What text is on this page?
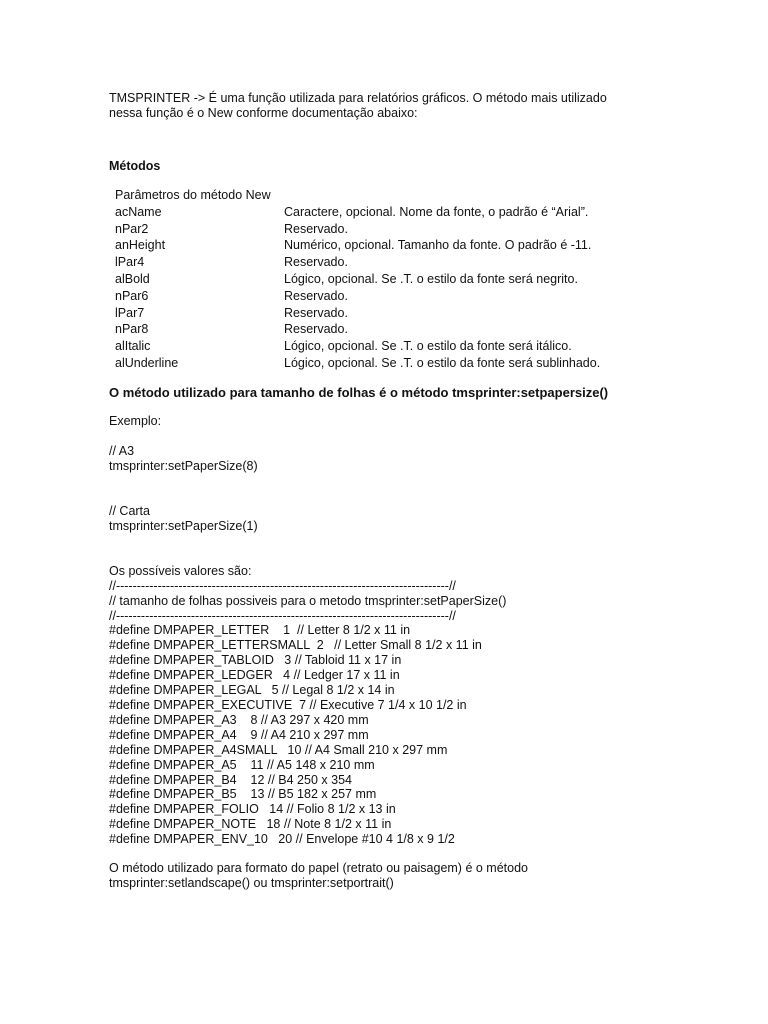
TMSPRINTER -> É uma função utilizada para relatórios gráficos. O método mais utilizado

nessa função é o New conforme documentação abaixo:

Métodos
Parâmetros do método New
acName	Caractere, opcional. Nome da fonte, o padrão é “Arial”.
nPar2	Reservado.
anHeight	Numérico, opcional. Tamanho da fonte. O padrão é -11.
lPar4	Reservado.
alBold	Lógico, opcional. Se .T. o estilo da fonte será negrito.
nPar6	Reservado.
lPar7	Reservado.
nPar8	Reservado.
alItalic	Lógico, opcional. Se .T. o estilo da fonte será itálico.
alUnderline	Lógico, opcional. Se .T. o estilo da fonte será sublinhado.
O método utilizado para tamanho de folhas é o método tmsprinter:setpapersize()

Exemplo:

// A3

tmsprinter:setPaperSize(8)

// Carta

tmsprinter:setPaperSize(1)

Os possíveis valores são:

//--------------------------------------------------------------------------------//
// tamanho de folhas possiveis para o metodo tmsprinter:setPaperSize()
//--------------------------------------------------------------------------------//
#define DMPAPER_LETTER    1  // Letter 8 1/2 x 11 in
#define DMPAPER_LETTERSMALL  2   // Letter Small 8 1/2 x 11 in
#define DMPAPER_TABLOID   3 // Tabloid 11 x 17 in
#define DMPAPER_LEDGER   4 // Ledger 17 x 11 in
#define DMPAPER_LEGAL   5 // Legal 8 1/2 x 14 in
#define DMPAPER_EXECUTIVE  7 // Executive 7 1/4 x 10 1/2 in
#define DMPAPER_A3    8 // A3 297 x 420 mm
#define DMPAPER_A4    9 // A4 210 x 297 mm
#define DMPAPER_A4SMALL   10 // A4 Small 210 x 297 mm
#define DMPAPER_A5    11 // A5 148 x 210 mm
#define DMPAPER_B4    12 // B4 250 x 354
#define DMPAPER_B5    13 // B5 182 x 257 mm
#define DMPAPER_FOLIO   14 // Folio 8 1/2 x 13 in
#define DMPAPER_NOTE   18 // Note 8 1/2 x 11 in
#define DMPAPER_ENV_10   20 // Envelope #10 4 1/8 x 9 1/2

O método utilizado para formato do papel (retrato ou paisagem) é o método

tmsprinter:setlandscape() ou tmsprinter:setportrait()
